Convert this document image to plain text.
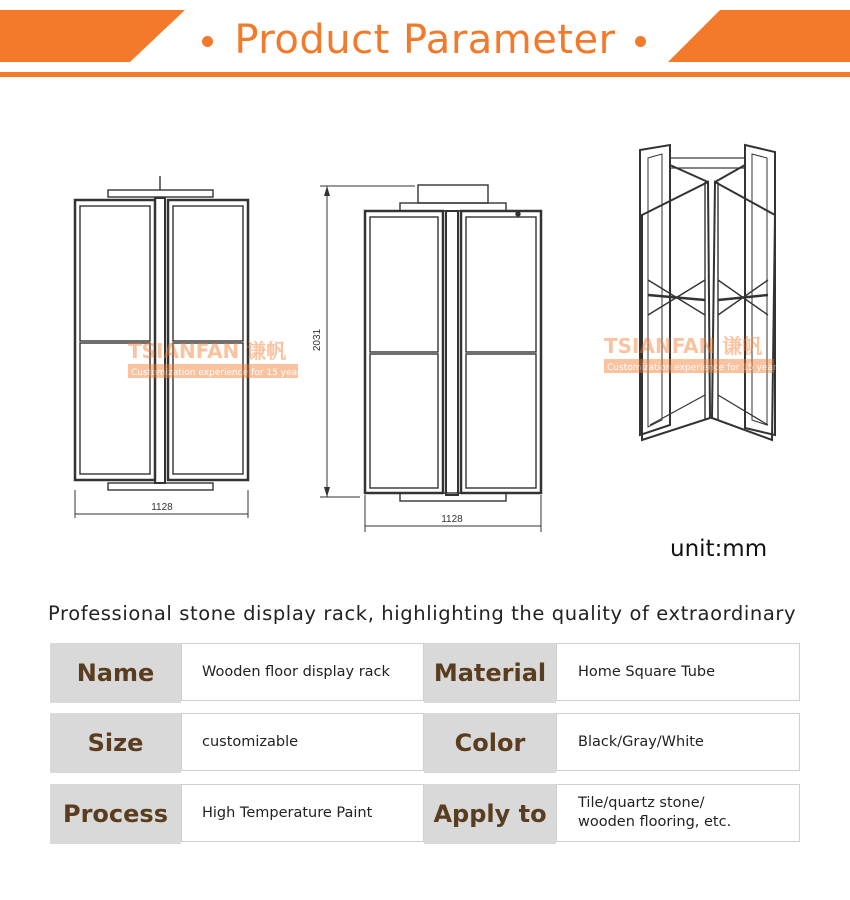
Product Parameter
1128
1128
2031
TSIANFAN 谦帆
Customization experience for 15 years
TSIANFAN 谦帆
Customization experience for 15 years
unit:mm
Professional stone display rack, highlighting the quality of extraordinary
Name	Wooden floor display rack	Material	Home Square Tube
Size	customizable	Color	Black/Gray/White
Process	High Temperature Paint	Apply to	Tile/quartz stone/
wooden flooring, etc.
